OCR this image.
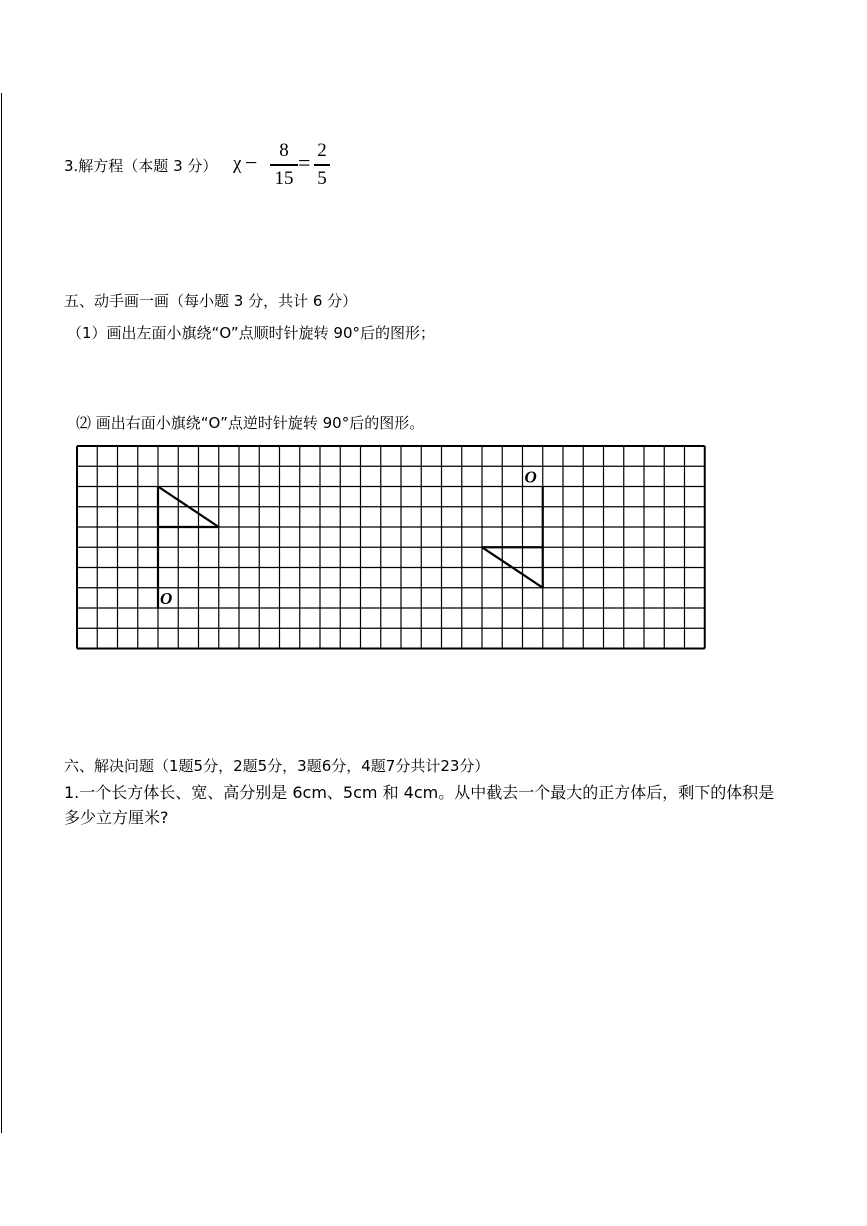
3.解方程（本题 3 分） χ −	8
15
= 2
5
五、动手画一画（每小题 3 分，共计 6 分）
（1）画出左面小旗绕“O”点顺时针旋转 90°后的图形；
⑵ 画出右面小旗绕“O”点逆时针旋转 90°后的图形。
O
O
六、解决问题（1题5分，2题5分，3题6分，4题7分共计23分）
1.一个长方体长、宽、高分别是 6cm、5cm 和 4cm。从中截去一个最大的正方体后，剩下的体积是
多少立方厘米?
